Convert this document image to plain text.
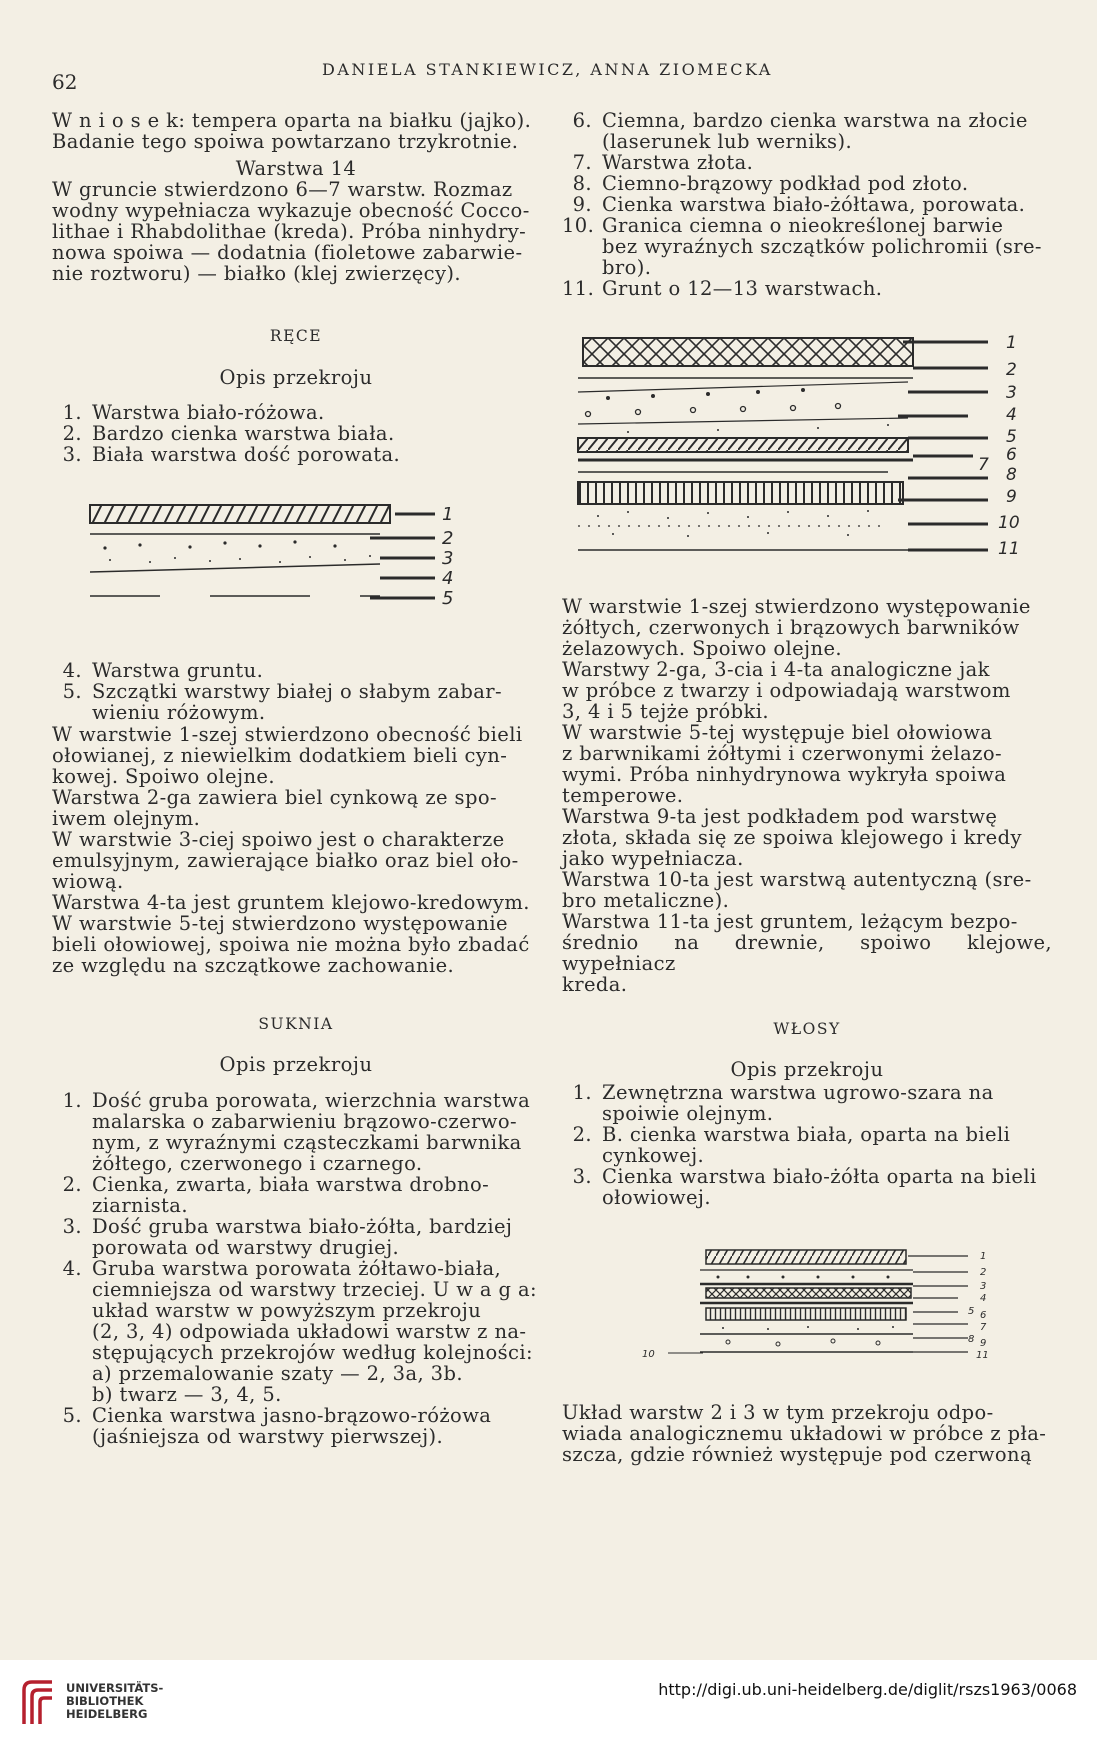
62
DANIELA STANKIEWICZ, ANNA ZIOMECKA
W n i o s e k: tempera oparta na białku (jajko).
Badanie tego spoiwa powtarzano trzykrotnie.
Warstwa 14
W gruncie stwierdzono 6—7 warstw. Rozmaz
wodny wypełniacza wykazuje obecność Cocco-
lithae i Rhabdolithae (kreda). Próba ninhydry-
nowa spoiwa — dodatnia (fioletowe zabarwie-
nie roztworu) — białko (klej zwierzęcy).
RĘCE
Opis przekroju
1. Warstwa biało-różowa.
2. Bardzo cienka warstwa biała.
3. Biała warstwa dość porowata.
1
2
3
4
5
4. Warstwa gruntu.
5. Szczątki warstwy białej o słabym zabar-
wieniu różowym.
W warstwie 1-szej stwierdzono obecność bieli
ołowianej, z niewielkim dodatkiem bieli cyn-
kowej. Spoiwo olejne.
Warstwa 2-ga zawiera biel cynkową ze spo-
iwem olejnym.
W warstwie 3-ciej spoiwo jest o charakterze
emulsyjnym, zawierające białko oraz biel oło-
wiową.
Warstwa 4-ta jest gruntem klejowo-kredowym.
W warstwie 5-tej stwierdzono występowanie
bieli ołowiowej, spoiwa nie można było zbadać
ze względu na szczątkowe zachowanie.
SUKNIA
Opis przekroju
1. Dość gruba porowata, wierzchnia warstwa
malarska o zabarwieniu brązowo-czerwo-
nym, z wyraźnymi cząsteczkami barwnika
żółtego, czerwonego i czarnego.
2. Cienka, zwarta, biała warstwa drobno-
ziarnista.
3. Dość gruba warstwa biało-żółta, bardziej
porowata od warstwy drugiej.
4. Gruba warstwa porowata żółtawo-biała,
ciemniejsza od warstwy trzeciej. U w a g a:
układ warstw w powyższym przekroju
(2, 3, 4) odpowiada układowi warstw z na-
stępujących przekrojów według kolejności:
a) przemalowanie szaty — 2, 3a, 3b.
b) twarz — 3, 4, 5.
5. Cienka warstwa jasno-brązowo-różowa
(jaśniejsza od warstwy pierwszej).
6. Ciemna, bardzo cienka warstwa na złocie
(laserunek lub werniks).
7. Warstwa złota.
8. Ciemno-brązowy podkład pod złoto.
9. Cienka warstwa biało-żółtawa, porowata.
10. Granica ciemna o nieokreślonej barwie
bez wyraźnych szczątków polichromii (sre-
bro).
11. Grunt o 12—13 warstwach.
1
2
3
4
5
6
7 8
9
10
11
W warstwie 1-szej stwierdzono występowanie
żółtych, czerwonych i brązowych barwników
żelazowych. Spoiwo olejne.
Warstwy 2-ga, 3-cia i 4-ta analogiczne jak
w próbce z twarzy i odpowiadają warstwom
3, 4 i 5 tejże próbki.
W warstwie 5-tej występuje biel ołowiowa
z barwnikami żółtymi i czerwonymi żelazo-
wymi. Próba ninhydrynowa wykryła spoiwa
temperowe.
Warstwa 9-ta jest podkładem pod warstwę
złota, składa się ze spoiwa klejowego i kredy
jako wypełniacza.
Warstwa 10-ta jest warstwą autentyczną (sre-
bro metaliczne).
Warstwa 11-ta jest gruntem, leżącym bezpo-
średnio na drewnie, spoiwo klejowe, wypełniacz
kreda.
WŁOSY
Opis przekroju
1. Zewnętrzna warstwa ugrowo-szara na
spoiwie olejnym.
2. B. cienka warstwa biała, oparta na bieli
cynkowej.
3. Cienka warstwa biało-żółta oparta na bieli
ołowiowej.
1
2
3
4
5 6
7
8 9
10	11
Układ warstw 2 i 3 w tym przekroju odpo-
wiada analogicznemu układowi w próbce z pła-
szcza, gdzie również występuje pod czerwoną
UNIVERSITÄTS-
BIBLIOTHEK
HEIDELBERG
http://digi.ub.uni-heidelberg.de/diglit/rszs1963/0068
